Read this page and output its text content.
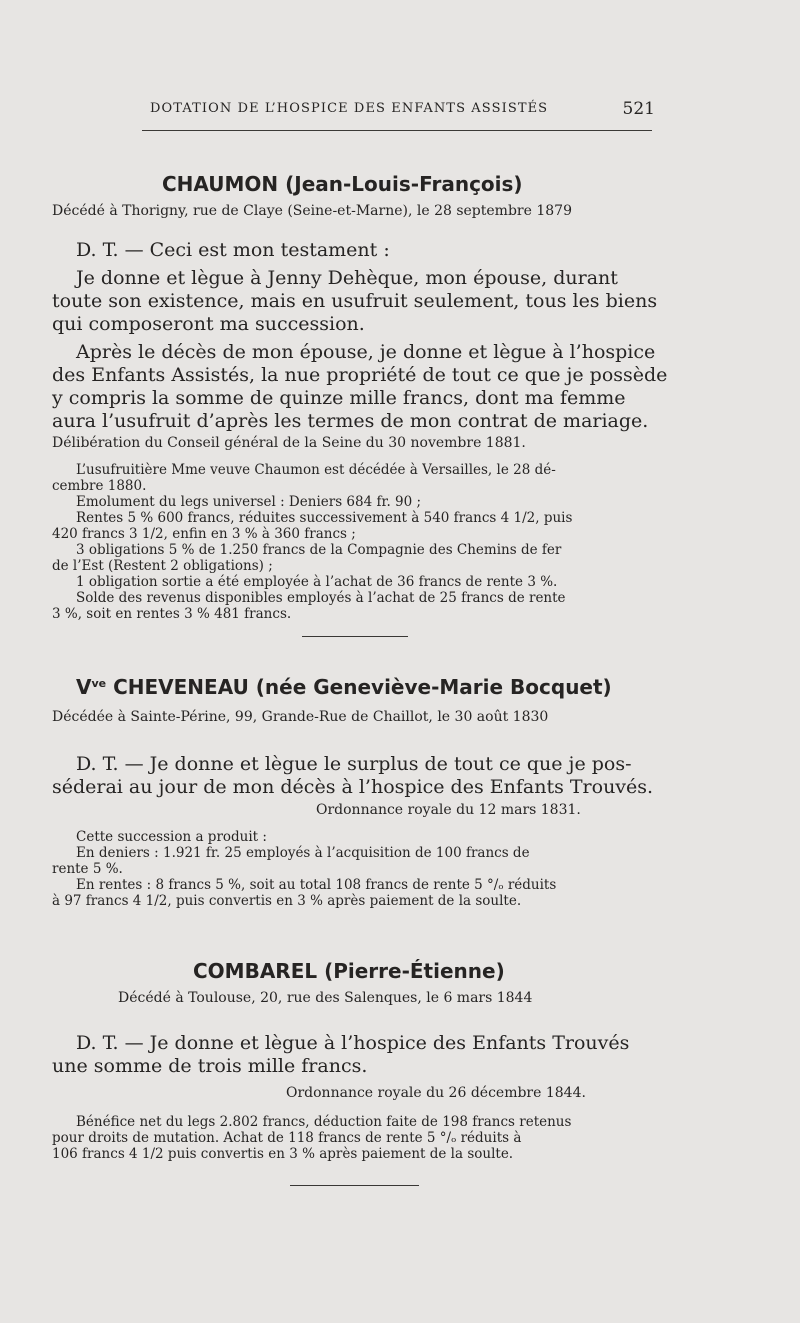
DOTATION DE L’HOSPICE DES ENFANTS ASSISTÉS	521
CHAUMON (Jean-Louis-François)
Décédé à Thorigny, rue de Claye (Seine-et-Marne), le 28 septembre 1879
D. T. — Ceci est mon testament :
Je donne et lègue à Jenny Dehèque, mon épouse, durant
toute son existence, mais en usufruit seulement, tous les biens
qui composeront ma succession.
Après le décès de mon épouse, je donne et lègue à l’hospice
des Enfants Assistés, la nue propriété de tout ce que je possède
y compris la somme de quinze mille francs, dont ma femme
aura l’usufruit d’après les termes de mon contrat de mariage.
Délibération du Conseil général de la Seine du 30 novembre 1881.
L’usufruitière Mme veuve Chaumon est décédée à Versailles, le 28 dé-
cembre 1880.
Emolument du legs universel : Deniers 684 fr. 90 ;
Rentes 5 % 600 francs, réduites successivement à 540 francs 4 1/2, puis
420 francs 3 1/2, enfin en 3 % à 360 francs ;
3 obligations 5 % de 1.250 francs de la Compagnie des Chemins de fer
de l’Est (Restent 2 obligations) ;
1 obligation sortie a été employée à l’achat de 36 francs de rente 3 %.
Solde des revenus disponibles employés à l’achat de 25 francs de rente
3 %, soit en rentes 3 % 481 francs.
$V^{ve}$ CHEVENEAU (née Geneviève-Marie Bocquet)
Décédée à Sainte-Périne, 99, Grande-Rue de Chaillot, le 30 août 1830
D. T. — Je donne et lègue le surplus de tout ce que je pos-
séderai au jour de mon décès à l’hospice des Enfants Trouvés.
Ordonnance royale du 12 mars 1831.
Cette succession a produit :
En deniers : 1.921 fr. 25 employés à l’acquisition de 100 francs de
rente 5 %.
En rentes : 8 francs 5 %, soit au total 108 francs de rente 5 °/ₒ réduits
à 97 francs 4 1/2, puis convertis en 3 % après paiement de la soulte.
COMBAREL (Pierre-Étienne)
Décédé à Toulouse, 20, rue des Salenques, le 6 mars 1844
D. T. — Je donne et lègue à l’hospice des Enfants Trouvés
une somme de trois mille francs.
Ordonnance royale du 26 décembre 1844.
Bénéfice net du legs 2.802 francs, déduction faite de 198 francs retenus
pour droits de mutation. Achat de 118 francs de rente 5 °/ₒ réduits à
106 francs 4 1/2 puis convertis en 3 % après paiement de la soulte.
